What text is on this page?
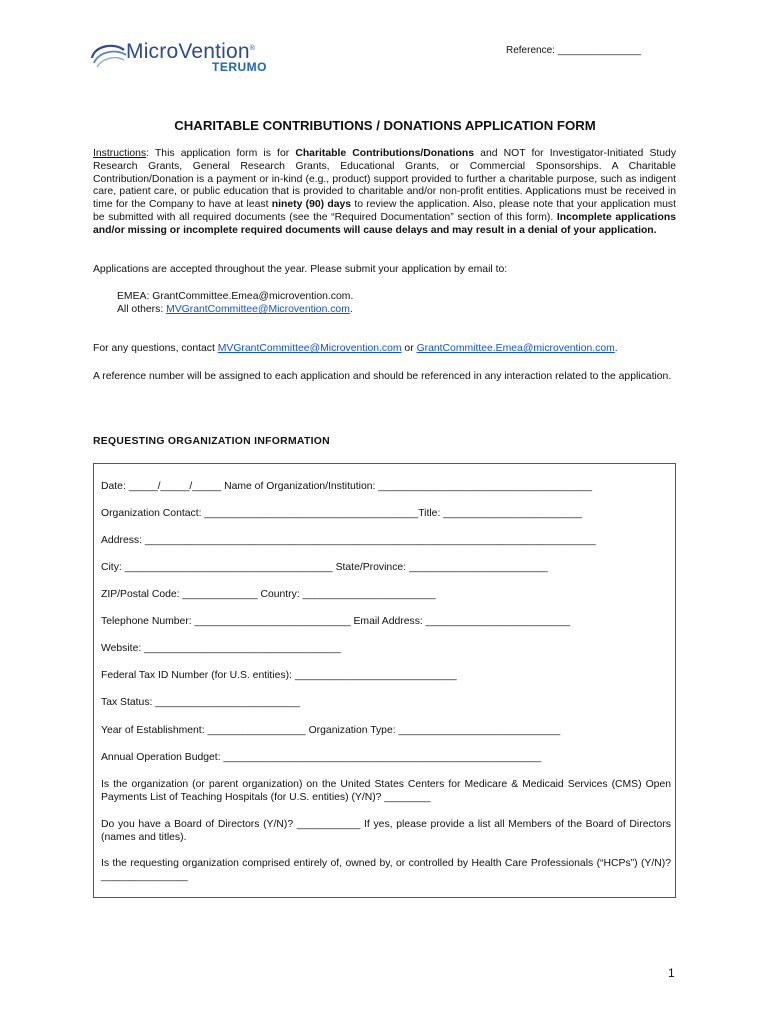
MicroVention®
TERUMO
Reference: _______________
CHARITABLE CONTRIBUTIONS / DONATIONS APPLICATION FORM
Instructions: This application form is for Charitable Contributions/Donations and NOT for Investigator-Initiated Study Research Grants, General Research Grants, Educational Grants, or Commercial Sponsorships. A Charitable Contribution/Donation is a payment or in-kind (e.g., product) support provided to further a charitable purpose, such as indigent care, patient care, or public education that is provided to charitable and/or non-profit entities. Applications must be received in time for the Company to have at least ninety (90) days to review the application. Also, please note that your application must be submitted with all required documents (see the “Required Documentation” section of this form). Incomplete applications and/or missing or incomplete required documents will cause delays and may result in a denial of your application.
Applications are accepted throughout the year. Please submit your application by email to:
EMEA: GrantCommittee.Emea@microvention.com.
All others: MVGrantCommittee@Microvention.com.
For any questions, contact MVGrantCommittee@Microvention.com or GrantCommittee.Emea@microvention.com.
A reference number will be assigned to each application and should be referenced in any interaction related to the application.
REQUESTING ORGANIZATION INFORMATION
Date: _____/_____/_____ Name of Organization/Institution: _____________________________________
Organization Contact: _____________________________________Title: ________________________
Address: ______________________________________________________________________________
City: ____________________________________ State/Province: ________________________
ZIP/Postal Code: _____________ Country: _______________________
Telephone Number: ___________________________ Email Address: _________________________
Website: __________________________________
Federal Tax ID Number (for U.S. entities): ____________________________
Tax Status: _________________________
Year of Establishment: _________________ Organization Type: ____________________________
Annual Operation Budget: _______________________________________________________
Is the organization (or parent organization) on the United States Centers for Medicare & Medicaid Services (CMS) Open Payments List of Teaching Hospitals (for U.S. entities) (Y/N)? ________
Do you have a Board of Directors (Y/N)? ___________ If yes, please provide a list all Members of the Board of Directors (names and titles).
Is the requesting organization comprised entirely of, owned by, or controlled by Health Care Professionals (“HCPs”) (Y/N)? _______________
1
